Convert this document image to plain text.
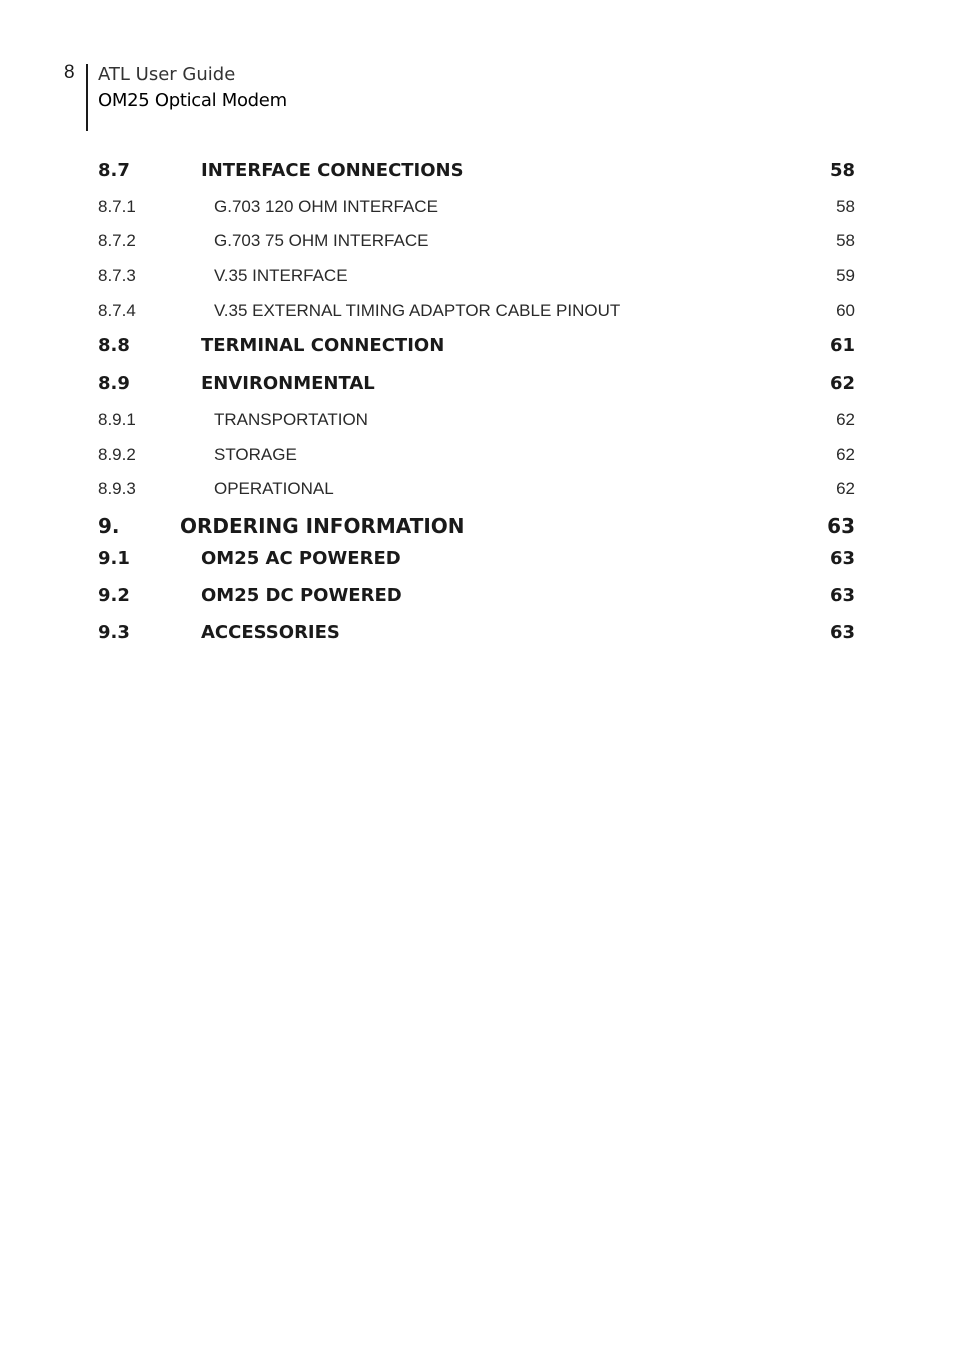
8 ATL User Guide
OM25 Optical Modem
8.7	INTERFACE CONNECTIONS	58
8.7.1	G.703 120 OHM INTERFACE	58
8.7.2	G.703 75 OHM INTERFACE	58
8.7.3	V.35 INTERFACE	59
8.7.4	V.35 EXTERNAL TIMING ADAPTOR CABLE PINOUT	60
8.8	TERMINAL CONNECTION	61
8.9	ENVIRONMENTAL	62
8.9.1	TRANSPORTATION	62
8.9.2	STORAGE	62
8.9.3	OPERATIONAL	62
9.	ORDERING INFORMATION	63
9.1	OM25 AC POWERED	63
9.2	OM25 DC POWERED	63
9.3	ACCESSORIES	63
